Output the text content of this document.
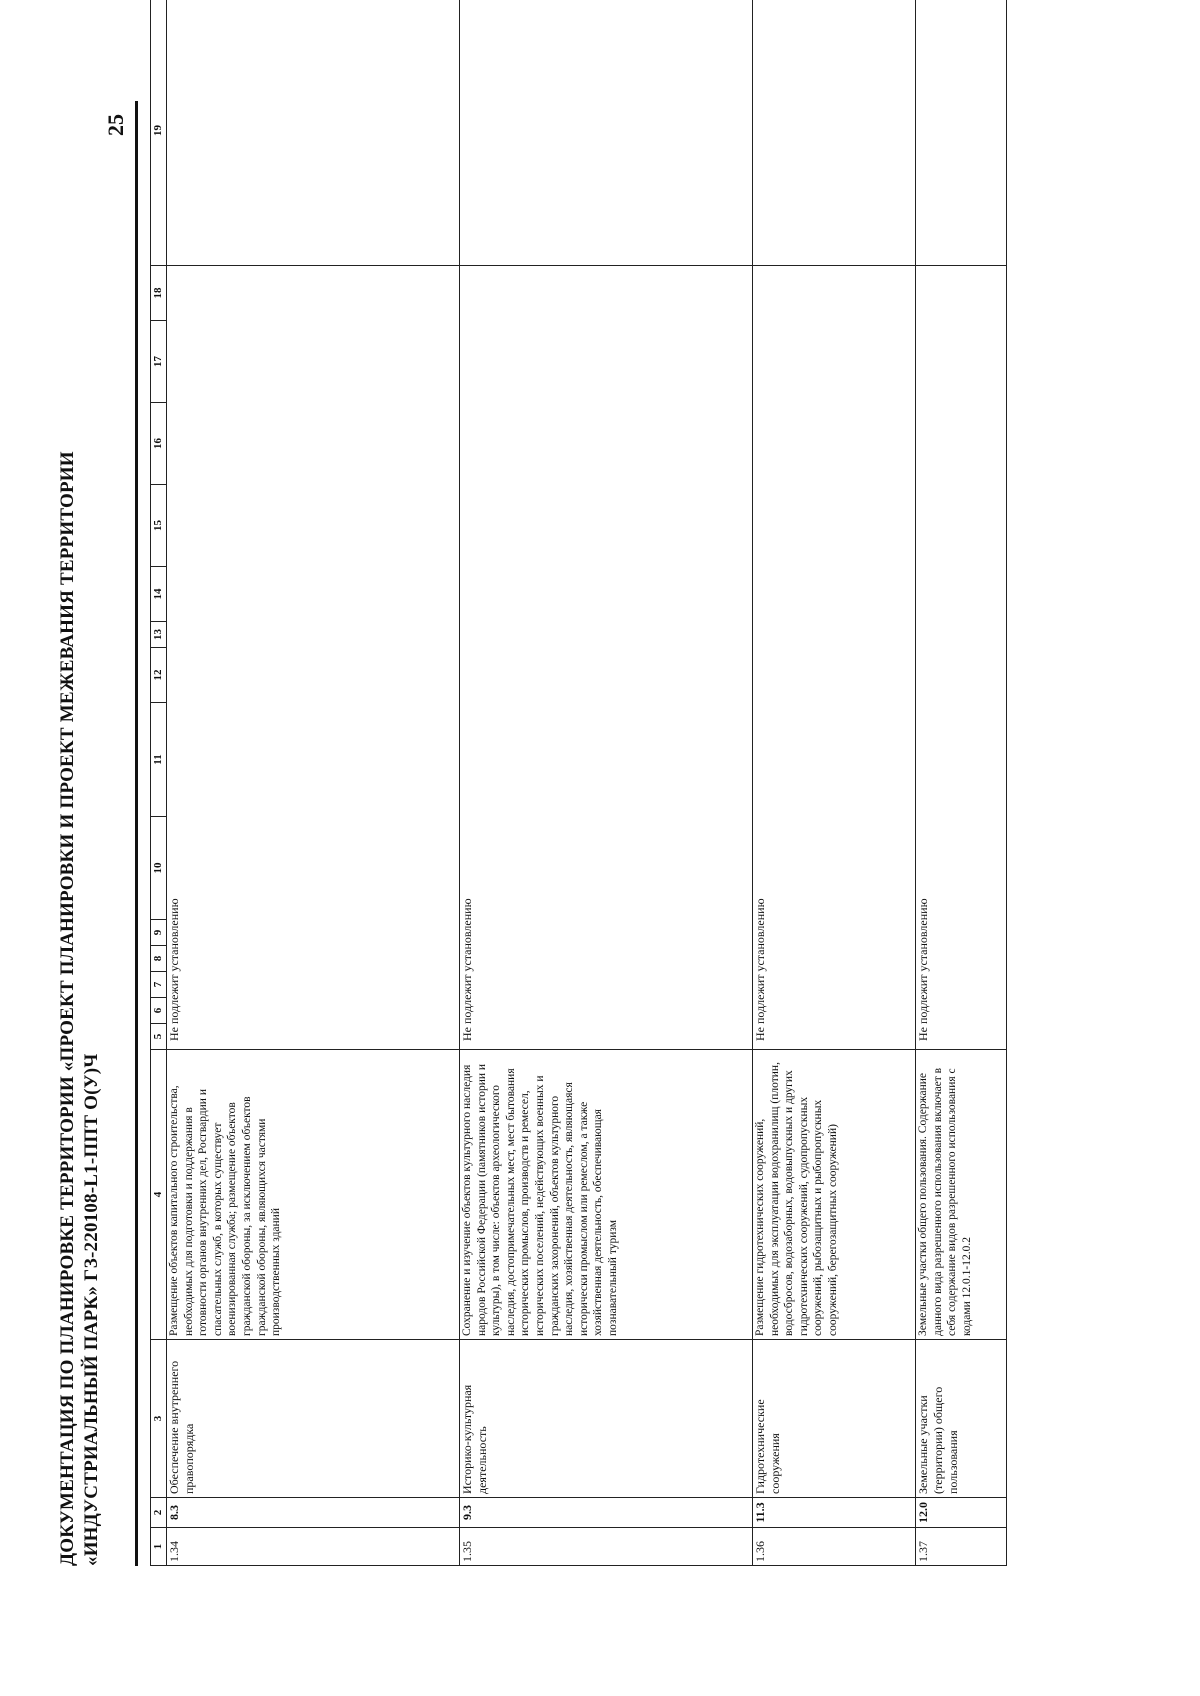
ДОКУМЕНТАЦИЯ ПО ПЛАНИРОВКЕ ТЕРРИТОРИИ «ПРОЕКТ ПЛАНИРОВКИ И ПРОЕКТ МЕЖЕВАНИЯ ТЕРРИТОРИИ «ИНДУСТРИАЛЬНЫЙ ПАРК» ГЗ-220108-L1-ППТ О(У)Ч
25
1	2	3	4	5	6	7	8	9	10	11	12	13	14	15	16	17	18	19
1.34	8.3	Обеспечение внутреннего правопорядка	Размещение объектов капитального строительства, необходимых для подготовки и поддержания в готовности органов внутренних дел, Росгвардии и спасательных служб, в которых существует военизированная служба; размещение объектов гражданской обороны, за исключением объектов гражданской обороны, являющихся частями производственных зданий	Не подлежит установлению														
1.35	9.3	Историко-культурная деятельность	Сохранение и изучение объектов культурного наследия народов Российской Федерации (памятников истории и культуры), в том числе: объектов археологического наследия, достопримечательных мест, мест бытования исторических промыслов, производств и ремесел, исторических поселений, недействующих военных и гражданских захоронений, объектов культурного наследия, хозяйственная деятельность, являющаяся исторически промыслом или ремеслом, а также хозяйственная деятельность, обеспечивающая познавательный туризм	Не подлежит установлению														
1.36	11.3	Гидротехнические сооружения	Размещение гидротехнических сооружений, необходимых для эксплуатации водохранилищ (плотин, водосбросов, водозаборных, водовыпускных и других гидротехнических сооружений, судопропускных сооружений, рыбозащитных и рыбопропускных сооружений, берегозащитных сооружений)	Не подлежит установлению														
1.37	12.0	Земельные участки (территории) общего пользования	Земельные участки общего пользования. Содержание данного вида разрешенного использования включает в себя содержание видов разрешенного использования с кодами 12.0.1-12.0.2	Не подлежит установлению														
